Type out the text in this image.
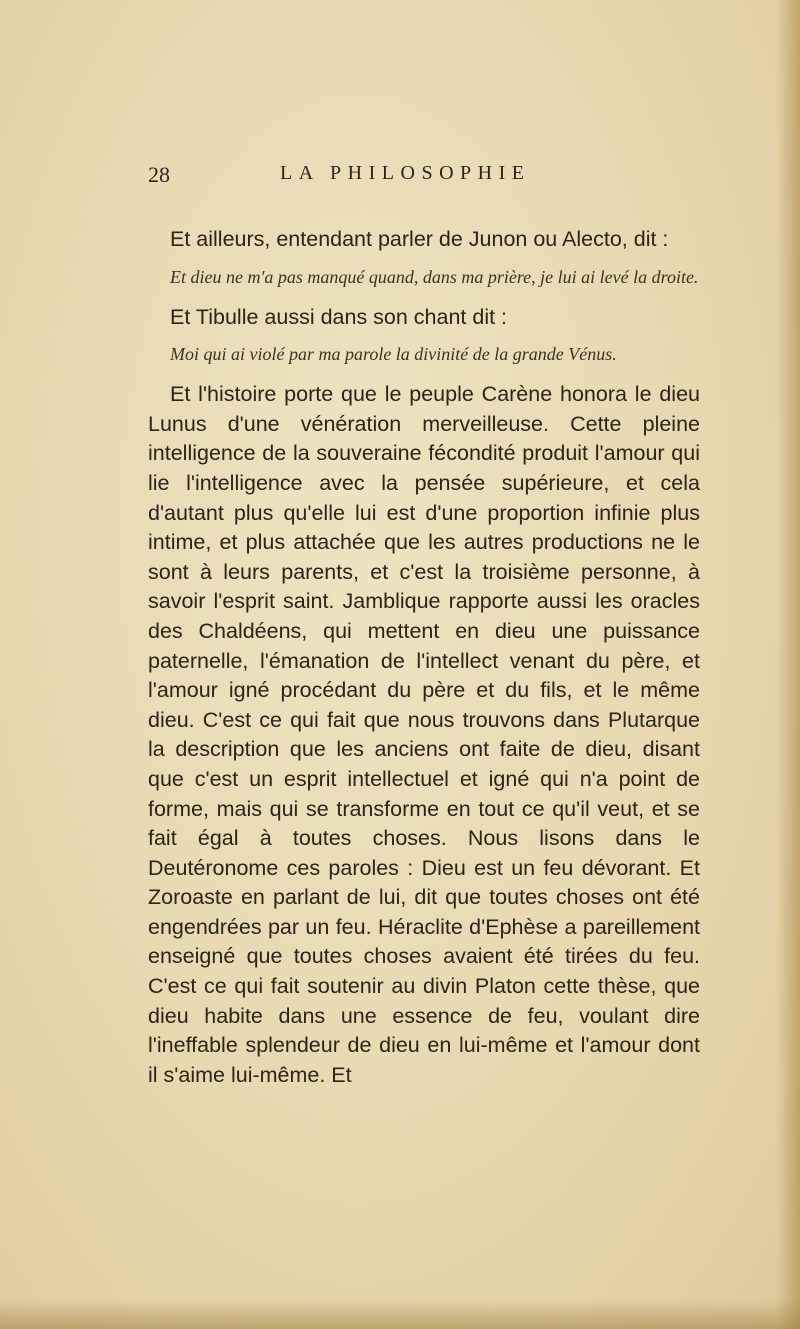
28	LA PHILOSOPHIE

Et ailleurs, entendant parler de Junon ou Alecto, dit :

Et dieu ne m'a pas manqué quand, dans ma prière, je lui ai levé la droite.

Et Tibulle aussi dans son chant dit :

Moi qui ai violé par ma parole la divinité de la grande Vénus.

Et l'histoire porte que le peuple Carène honora le dieu Lunus d'une vénération merveilleuse. Cette pleine intelligence de la souveraine fécondité produit l'amour qui lie l'intelligence avec la pensée supérieure, et cela d'autant plus qu'elle lui est d'une proportion infinie plus intime, et plus attachée que les autres productions ne le sont à leurs parents, et c'est la troisième personne, à savoir l'esprit saint. Jamblique rapporte aussi les oracles des Chaldéens, qui mettent en dieu une puissance paternelle, l'émanation de l'intellect venant du père, et l'amour igné procédant du père et du fils, et le même dieu. C'est ce qui fait que nous trouvons dans Plutarque la description que les anciens ont faite de dieu, disant que c'est un esprit intellectuel et igné qui n'a point de forme, mais qui se transforme en tout ce qu'il veut, et se fait égal à toutes choses. Nous lisons dans le Deutéronome ces paroles : Dieu est un feu dévorant. Et Zoroaste en parlant de lui, dit que toutes choses ont été engendrées par un feu. Héraclite d'Ephèse a pareillement enseigné que toutes choses avaient été tirées du feu. C'est ce qui fait soutenir au divin Platon cette thèse, que dieu habite dans une essence de feu, voulant dire l'ineffable splendeur de dieu en lui-même et l'amour dont il s'aime lui-même. Et
